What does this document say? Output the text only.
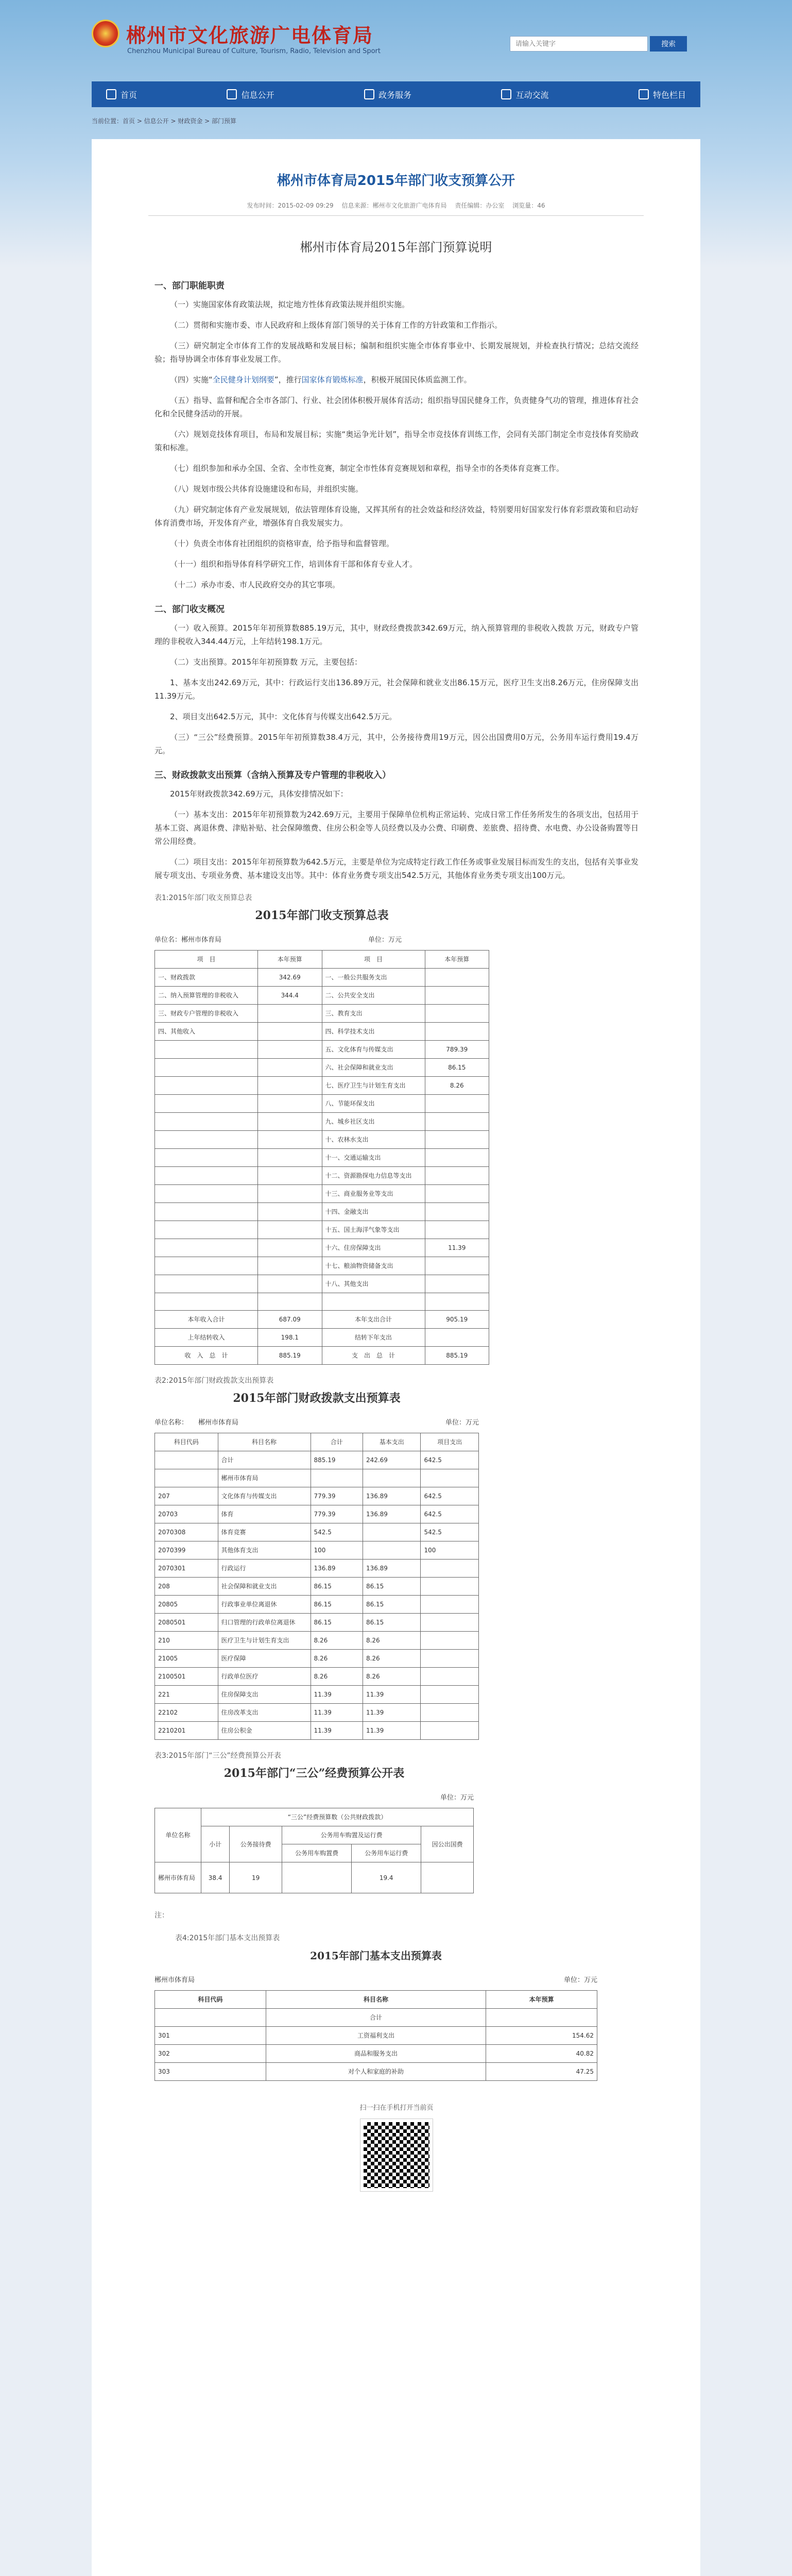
郴州市文化旅游广电体育局
Chenzhou Municipal Bureau of Culture, Tourism, Radio, Television and Sport
请输入关键字
搜索
首页	信息公开	政务服务	互动交流	特色栏目
当前位置：首页 > 信息公开 > 财政资金 > 部门预算
郴州市体育局2015年部门收支预算公开
发布时间：2015-02-09 09:29 信息来源：郴州市文化旅游广电体育局 责任编辑：办公室 浏览量：46
郴州市体育局2015年部门预算说明
一、部门职能职责

（一）实施国家体育政策法规，拟定地方性体育政策法规并组织实施。

（二）贯彻和实施市委、市人民政府和上级体育部门领导的关于体育工作的方针政策和工作指示。

（三）研究制定全市体育工作的发展战略和发展目标；编制和组织实施全市体育事业中、长期发展规划，并检查执行情况；总结交流经验；指导协调全市体育事业发展工作。

（四）实施“全民健身计划纲要”，推行国家体育锻炼标准，积极开展国民体质监测工作。

（五）指导、监督和配合全市各部门、行业、社会团体积极开展体育活动；组织指导国民健身工作，负责健身气功的管理，推进体育社会化和全民健身活动的开展。

（六）规划竞技体育项目，布局和发展目标；实施“奥运争光计划”，指导全市竞技体育训练工作，会同有关部门制定全市竞技体育奖励政策和标准。

（七）组织参加和承办全国、全省、全市性竞赛，制定全市性体育竞赛规划和章程，指导全市的各类体育竞赛工作。

（八）规划市级公共体育设施建设和布局，并组织实施。

（九）研究制定体育产业发展规划，依法管理体育设施，又挥其所有的社会效益和经济效益，特别要用好国家发行体育彩票政策和启动好体育消费市场，开发体育产业，增强体育自我发展实力。

（十）负责全市体育社团组织的资格审查，给予指导和监督管理。

（十一）组织和指导体育科学研究工作，培训体育干部和体育专业人才。

（十二）承办市委、市人民政府交办的其它事项。

二、部门收支概况

（一）收入预算。2015年年初预算数885.19万元，其中，财政经费拨款342.69万元，纳入预算管理的非税收入拨款 万元，财政专户管理的非税收入344.44万元，上年结转198.1万元。

（二）支出预算。2015年年初预算数 万元，主要包括：

1、基本支出242.69万元，其中：行政运行支出136.89万元，社会保障和就业支出86.15万元，医疗卫生支出8.26万元，住房保障支出11.39万元。

2、项目支出642.5万元，其中：文化体育与传媒支出642.5万元。

（三）“三公”经费预算。2015年年初预算数38.4万元，其中，公务接待费用19万元，因公出国费用0万元，公务用车运行费用19.4万元。

三、财政拨款支出预算（含纳入预算及专户管理的非税收入）

2015年财政拨款342.69万元，具体安排情况如下：

（一）基本支出：2015年年初预算数为242.69万元，主要用于保障单位机构正常运转、完成日常工作任务所发生的各项支出，包括用于基本工资、离退休费、津贴补贴、社会保障缴费、住房公积金等人员经费以及办公费、印刷费、差旅费、招待费、水电费、办公设备购置等日常公用经费。

（二）项目支出：2015年年初预算数为642.5万元，主要是单位为完成特定行政工作任务或事业发展目标而发生的支出，包括有关事业发展专项支出、专项业务费、基本建设支出等。其中：体育业务费专项支出542.5万元，其他体育业务类专项支出100万元。

表1:2015年部门收支预算总表
2015年部门收支预算总表
单位名：郴州市体育局	单位：万元
项　目	本年预算	项　目	本年预算
一、财政拨款	342.69	一、一般公共服务支出	
二、纳入预算管理的非税收入	344.4	二、公共安全支出	
三、财政专户管理的非税收入		三、教育支出	
四、其他收入		四、科学技术支出	
		五、文化体育与传媒支出	789.39
		六、社会保障和就业支出	86.15
		七、医疗卫生与计划生育支出	8.26
		八、节能环保支出	
		九、城乡社区支出	
		十、农林水支出	
		十一、交通运输支出	
		十二、资源勘探电力信息等支出	
		十三、商业服务业等支出	
		十四、金融支出	
		十五、国土海洋气象等支出	
		十六、住房保障支出	11.39
		十七、粮油物资储备支出	
		十八、其他支出	

本年收入合计	687.09	本年支出合计	905.19
上年结转收入	198.1	结转下年支出	
收　入　总　计	885.19	支　出　总　计	885.19
表2:2015年部门财政拨款支出预算表
2015年部门财政拨款支出预算表
单位名称： 郴州市体育局	单位：万元
科目代码	科目名称	合计	基本支出	项目支出
	合计	885.19	242.69	642.5
	郴州市体育局			
207	文化体育与传媒支出	779.39	136.89	642.5
20703	体育	779.39	136.89	642.5
2070308	体育竞赛	542.5		542.5
2070399	其他体育支出	100		100
2070301	行政运行	136.89	136.89	
208	社会保障和就业支出	86.15	86.15	
20805	行政事业单位离退休	86.15	86.15	
2080501	归口管理的行政单位离退休	86.15	86.15	
210	医疗卫生与计划生育支出	8.26	8.26	
21005	医疗保障	8.26	8.26	
2100501	行政单位医疗	8.26	8.26	
221	住房保障支出	11.39	11.39	
22102	住房改革支出	11.39	11.39	
2210201	住房公积金	11.39	11.39	
表3:2015年部门“三公”经费预算公开表
2015年部门“三公”经费预算公开表
单位：万元
单位名称	“三公”经费预算数（公共财政拨款）				
	小计	公务接待费	公务用车购置及运行费		因公出国费
			公务用车购置费	公务用车运行费	
郴州市体育局	38.4	19		19.4	
注：
表4:2015年部门基本支出预算表
2015年部门基本支出预算表
郴州市体育局	单位：万元
科目代码	科目名称	本年预算
	合计	
301	工资福利支出	154.62
302	商品和服务支出	40.82
303	对个人和家庭的补助	47.25
扫一扫在手机打开当前页
